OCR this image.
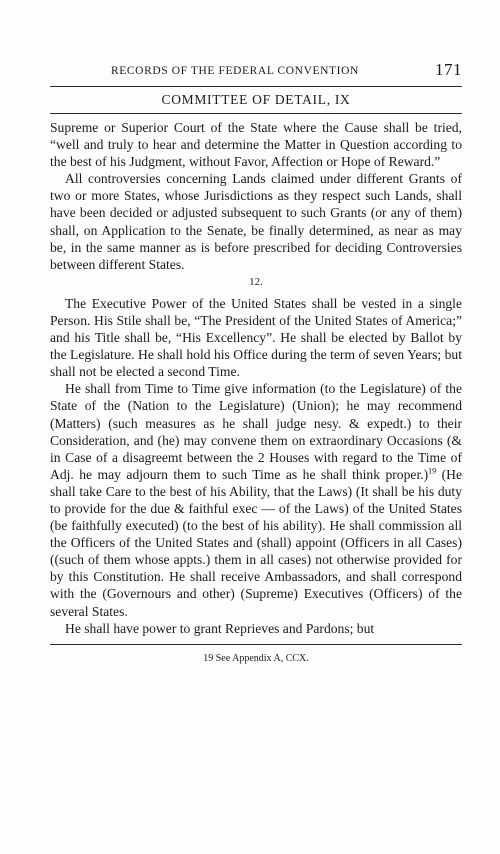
RECORDS OF THE FEDERAL CONVENTION	171
COMMITTEE OF DETAIL, IX

Supreme or Superior Court of the State where the Cause shall be tried, “well and truly to hear and determine the Matter in Question according to the best of his Judgment, without Favor, Affection or Hope of Reward.”

All controversies concerning Lands claimed under different Grants of two or more States, whose Jurisdictions as they respect such Lands, shall have been decided or adjusted subsequent to such Grants (or any of them) shall, on Application to the Senate, be finally determined, as near as may be, in the same manner as is before prescribed for deciding Controversies between different States.

12.

The Executive Power of the United States shall be vested in a single Person. His Stile shall be, “The President of the United States of America;” and his Title shall be, “His Excellency”. He shall be elected by Ballot by the Legislature. He shall hold his Office during the term of seven Years; but shall not be elected a second Time.

He shall from Time to Time give information (to the Legislature) of the State of the (Nation to the Legislature) (Union); he may recommend (Matters) (such measures as he shall judge nesy. & expedt.) to their Consideration, and (he) may convene them on extraordinary Occasions (& in Case of a disagreemt between the 2 Houses with regard to the Time of Adj. he may adjourn them to such Time as he shall think proper.)$^{19}$ (He shall take Care to the best of his Ability, that the Laws) (It shall be his duty to provide for the due & faithful exec — of the Laws) of the United States (be faithfully executed) (to the best of his ability). He shall commission all the Officers of the United States and (shall) appoint (Officers in all Cases) ((such of them whose appts.) them in all cases) not otherwise provided for by this Constitution. He shall receive Ambassadors, and shall correspond with the (Governours and other) (Supreme) Executives (Officers) of the several States.

He shall have power to grant Reprieves and Pardons; but

19 See Appendix A, CCX.
